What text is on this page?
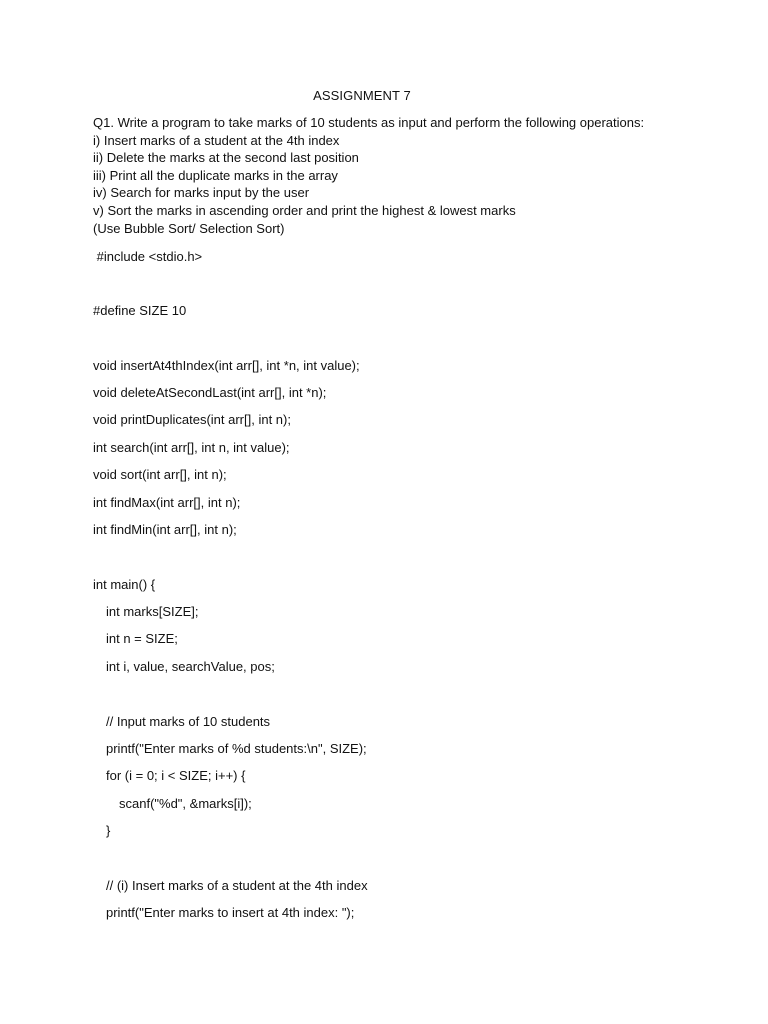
ASSIGNMENT 7
Q1. Write a program to take marks of 10 students as input and perform the following operations:
i) Insert marks of a student at the 4th index
ii) Delete the marks at the second last position
iii) Print all the duplicate marks in the array
iv) Search for marks input by the user
v) Sort the marks in ascending order and print the highest & lowest marks
(Use Bubble Sort/ Selection Sort)
#include <stdio.h>
#define SIZE 10
void insertAt4thIndex(int arr[], int *n, int value);
void deleteAtSecondLast(int arr[], int *n);
void printDuplicates(int arr[], int n);
int search(int arr[], int n, int value);
void sort(int arr[], int n);
int findMax(int arr[], int n);
int findMin(int arr[], int n);
int main() {
int marks[SIZE];
int n = SIZE;
int i, value, searchValue, pos;
// Input marks of 10 students
printf("Enter marks of %d students:\n", SIZE);
for (i = 0; i < SIZE; i++) {
scanf("%d", &marks[i]);
}
// (i) Insert marks of a student at the 4th index
printf("Enter marks to insert at 4th index: ");
